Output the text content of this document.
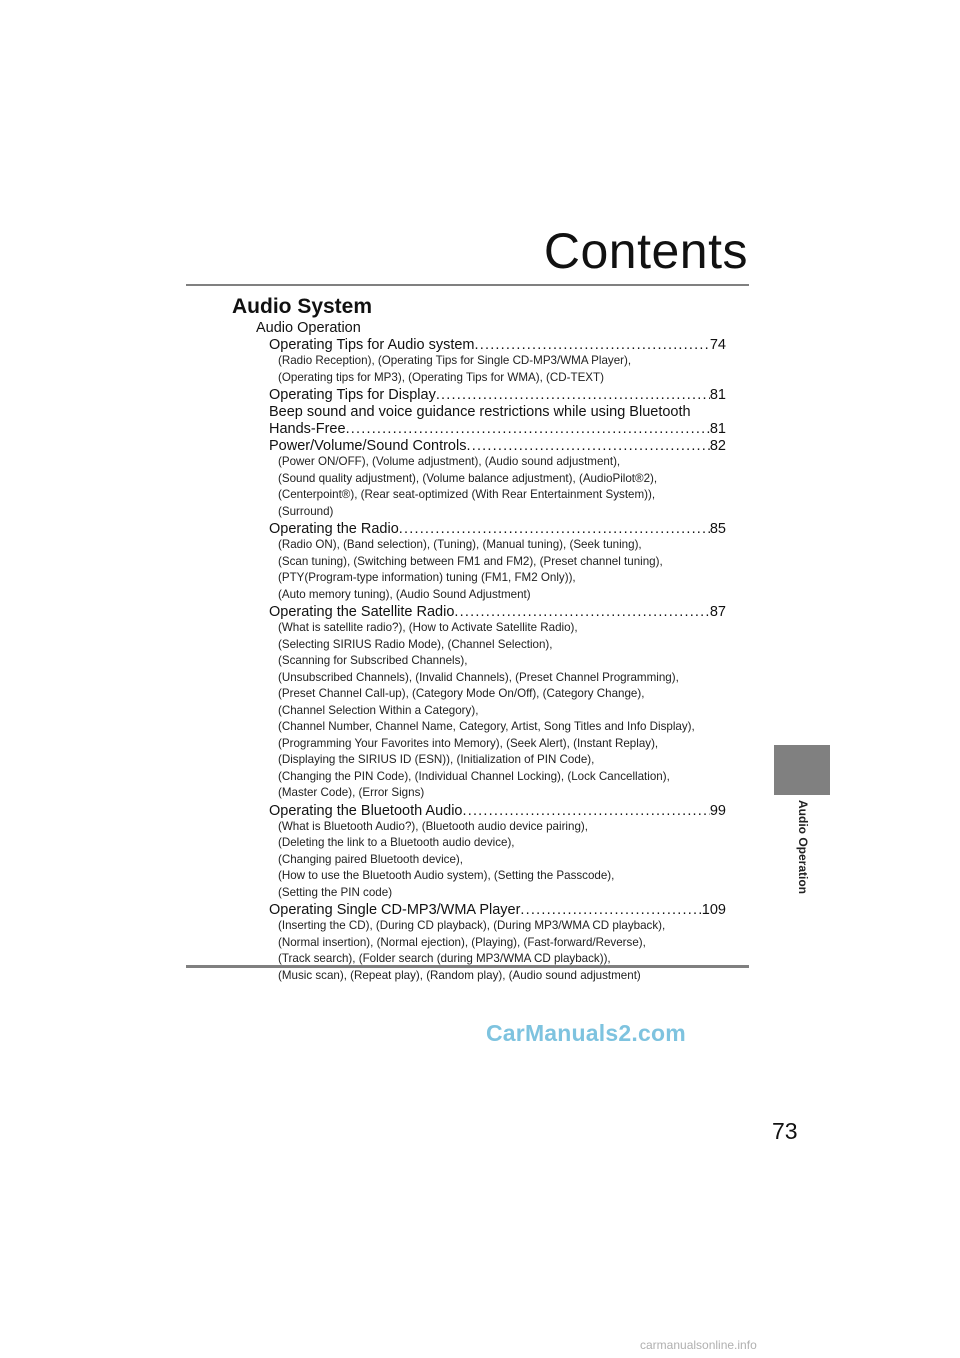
Contents
Audio System
Audio Operation
Operating Tips for Audio system .....	74
(Radio Reception), (Operating Tips for Single CD-MP3/WMA Player),
(Operating tips for MP3), (Operating Tips for WMA), (CD-TEXT)
Operating Tips for Display .....	81
Beep sound and voice guidance restrictions while using Bluetooth
Hands-Free .....	81
Power/Volume/Sound Controls .....	82
(Power ON/OFF), (Volume adjustment), (Audio sound adjustment),
(Sound quality adjustment), (Volume balance adjustment), (AudioPilot®2),
(Centerpoint®), (Rear seat-optimized (With Rear Entertainment System)),
(Surround)
Operating the Radio .....	85
(Radio ON), (Band selection), (Tuning), (Manual tuning), (Seek tuning),
(Scan tuning), (Switching between FM1 and FM2), (Preset channel tuning),
(PTY(Program-type information) tuning (FM1, FM2 Only)),
(Auto memory tuning), (Audio Sound Adjustment)
Operating the Satellite Radio .....	87
(What is satellite radio?), (How to Activate Satellite Radio),
(Selecting SIRIUS Radio Mode), (Channel Selection),
(Scanning for Subscribed Channels),
(Unsubscribed Channels), (Invalid Channels), (Preset Channel Programming),
(Preset Channel Call-up), (Category Mode On/Off), (Category Change),
(Channel Selection Within a Category),
(Channel Number, Channel Name, Category, Artist, Song Titles and Info Display),
(Programming Your Favorites into Memory), (Seek Alert), (Instant Replay),
(Displaying the SIRIUS ID (ESN)), (Initialization of PIN Code),
(Changing the PIN Code), (Individual Channel Locking), (Lock Cancellation),
(Master Code), (Error Signs)
Operating the Bluetooth Audio .....	99
(What is Bluetooth Audio?), (Bluetooth audio device pairing),
(Deleting the link to a Bluetooth audio device),
(Changing paired Bluetooth device),
(How to use the Bluetooth Audio system), (Setting the Passcode),
(Setting the PIN code)
Operating Single CD-MP3/WMA Player .....	109
(Inserting the CD), (During CD playback), (During MP3/WMA CD playback),
(Normal insertion), (Normal ejection), (Playing), (Fast-forward/Reverse),
(Track search), (Folder search (during MP3/WMA CD playback)),
(Music scan), (Repeat play), (Random play), (Audio sound adjustment)
Audio Operation
73
CarManuals2.com
carmanualsonline.info
